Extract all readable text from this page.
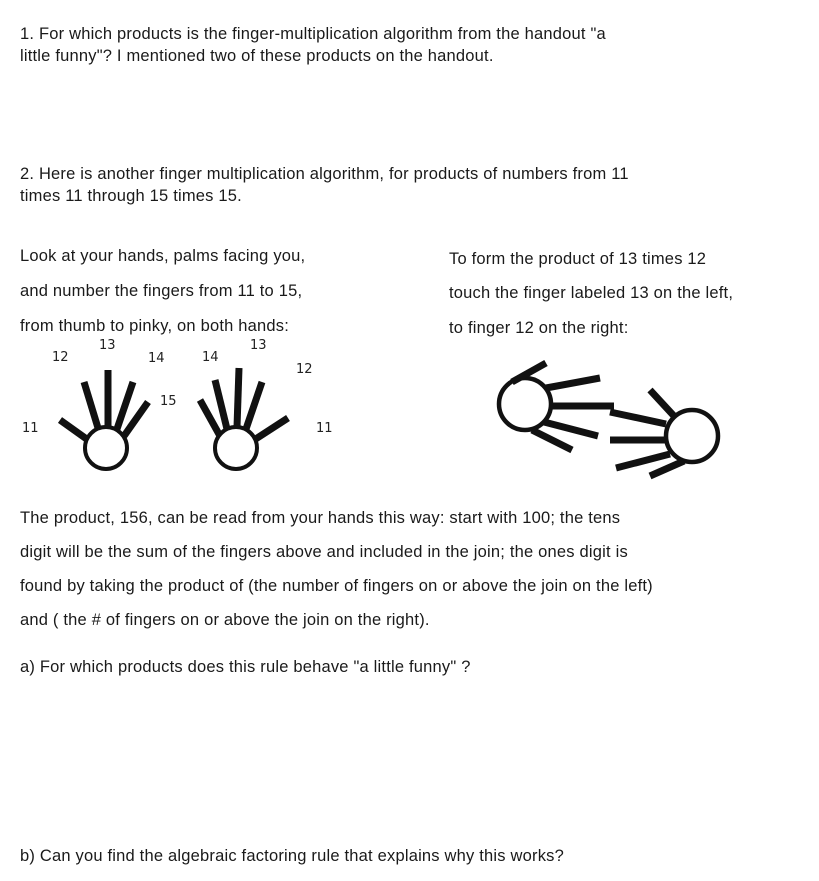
1. For which products is the finger-multiplication algorithm from the handout "a
little funny"? I mentioned two of these products on the handout.
2. Here is another finger multiplication algorithm, for products of numbers from 11
times 11 through 15 times 15.
Look at your hands, palms facing you,
and number the fingers from 11 to 15,
from thumb to pinky, on both hands:
To form the product of 13 times 12
touch the finger labeled 13 on the left,
to finger 12 on the right:
11
12
13
14
15
14
13
12
11
The product, 156, can be read from your hands this way: start with 100; the tens
digit will be the sum of the fingers above and included in the join; the ones digit is
found by taking the product of (the number of fingers on or above the join on the left)
and ( the # of fingers on or above the join on the right).
a) For which products does this rule behave "a little funny" ?
b) Can you find the algebraic factoring rule that explains why this works?
